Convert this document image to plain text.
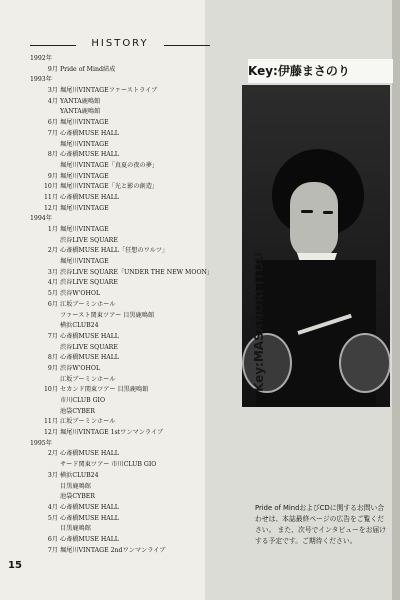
HISTORY
1992年
9月 Pride of Mind結成
1993年
3月 堀尾川VINTAGEファーストライブ
4月 YANTA鹿鳴館
YANTA鹿鳴館
6月 堀尾川VINTAGE
7月 心斎橋MUSE HALL
堀尾川VINTAGE
8月 心斎橋MUSE HALL
堀尾川VINTAGE「真夏の夜の夢」
9月 堀尾川VINTAGE
10月 堀尾川VINTAGE「光と影の創造」
11月 心斎橋MUSE HALL
12月 堀尾川VINTAGE
1994年
1月 堀尾川VINTAGE
渋谷LIVE SQUARE
2月 心斎橋MUSE HALL「狂想のワルツ」
堀尾川VINTAGE
3月 渋谷LIVE SQUARE「UNDER THE NEW MOON」
4月 渋谷LIVE SQUARE
5月 渋谷W'OHOL
6月 江坂ブーミンホール
ファースト関東ツアー 目黒鹿鳴館
横浜CLUB24
7月 心斎橋MUSE HALL
渋谷LIVE SQUARE
8月 心斎橋MUSE HALL
9月 渋谷W'OHOL
江坂ブーミンホール
10月 セカンド関東ツアー 目黒鹿鳴館
市川CLUB GIO
池袋CYBER
11月 江坂ブーミンホール
12月 堀尾川VINTAGE 1stワンマンライブ
1995年
2月 心斎橋MUSE HALL
サード関東ツアー 市川CLUB GIO
3月 横浜CLUB24
目黒鹿鳴館
池袋CYBER
4月 心斎橋MUSE HALL
5月 心斎橋MUSE HALL
目黒鹿鳴館
6月 心斎橋MUSE HALL
7月 堀尾川VINTAGE 2ndワンマンライブ
Key:伊藤まさのり
Pride of MindおよびCDに関するお問い合わせは、本誌最終ページの広告をご覧ください。 また、次号でインタビューをお届けする予定です。ご期待ください。
15
